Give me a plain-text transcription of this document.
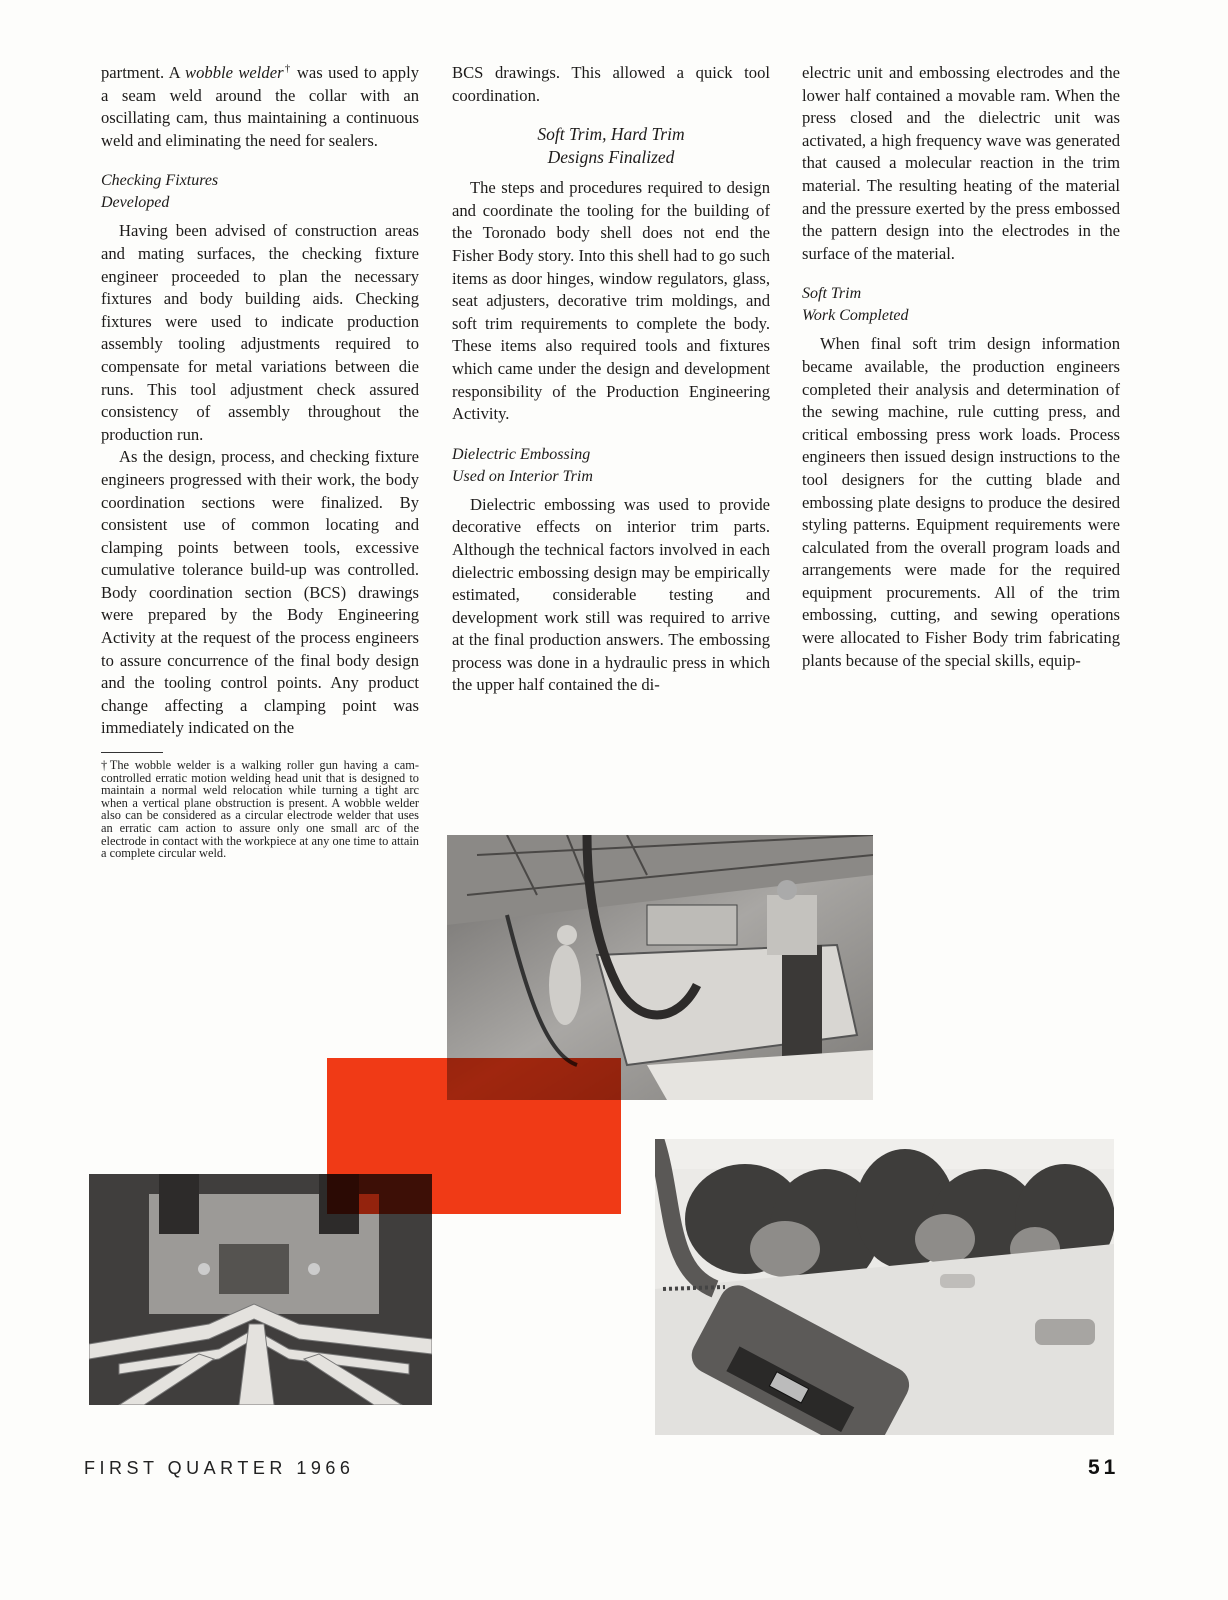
partment. A wobble welder† was used to apply a seam weld around the collar with an oscillating cam, thus maintaining a continuous weld and eliminating the need for sealers.

Checking Fixtures
Developed

Having been advised of construction areas and mating surfaces, the checking fixture engineer proceeded to plan the necessary fixtures and body building aids. Checking fixtures were used to indicate production assembly tooling adjustments required to compensate for metal variations between die runs. This tool adjustment check assured consistency of assembly throughout the production run.

As the design, process, and checking fixture engineers progressed with their work, the body coordination sections were finalized. By consistent use of common locating and clamping points between tools, excessive cumulative tolerance build-up was controlled. Body coordination section (BCS) drawings were prepared by the Body Engineering Activity at the request of the process engineers to assure concurrence of the final body design and the tooling control points. Any product change affecting a clamping point was immediately indicated on the

†The wobble welder is a walking roller gun having a cam-controlled erratic motion welding head unit that is designed to maintain a normal weld relocation while turning a tight arc when a vertical plane obstruction is present. A wobble welder also can be considered as a circular electrode welder that uses an erratic cam action to assure only one small arc of the electrode in contact with the workpiece at any one time to attain a complete circular weld.

BCS drawings. This allowed a quick tool coordination.

Soft Trim, Hard Trim
Designs Finalized

The steps and procedures required to design and coordinate the tooling for the building of the Toronado body shell does not end the Fisher Body story. Into this shell had to go such items as door hinges, window regulators, glass, seat adjusters, decorative trim moldings, and soft trim requirements to complete the body. These items also required tools and fixtures which came under the design and development responsibility of the Production Engineering Activity.

Dielectric Embossing
Used on Interior Trim

Dielectric embossing was used to provide decorative effects on interior trim parts. Although the technical factors involved in each dielectric embossing design may be empirically estimated, considerable testing and development work still was required to arrive at the final production answers. The embossing process was done in a hydraulic press in which the upper half contained the di-

electric unit and embossing electrodes and the lower half contained a movable ram. When the press closed and the dielectric unit was activated, a high frequency wave was generated that caused a molecular reaction in the trim material. The resulting heating of the material and the pressure exerted by the press embossed the pattern design into the electrodes in the surface of the material.

Soft Trim
Work Completed

When final soft trim design information became available, the production engineers completed their analysis and determination of the sewing machine, rule cutting press, and critical embossing press work loads. Process engineers then issued design instructions to the tool designers for the cutting blade and embossing plate designs to produce the desired styling patterns. Equipment requirements were calculated from the overall program loads and arrangements were made for the required equipment procurements. All of the trim embossing, cutting, and sewing operations were allocated to Fisher Body trim fabricating plants because of the special skills, equip-

FIRST QUARTER 1966	51
